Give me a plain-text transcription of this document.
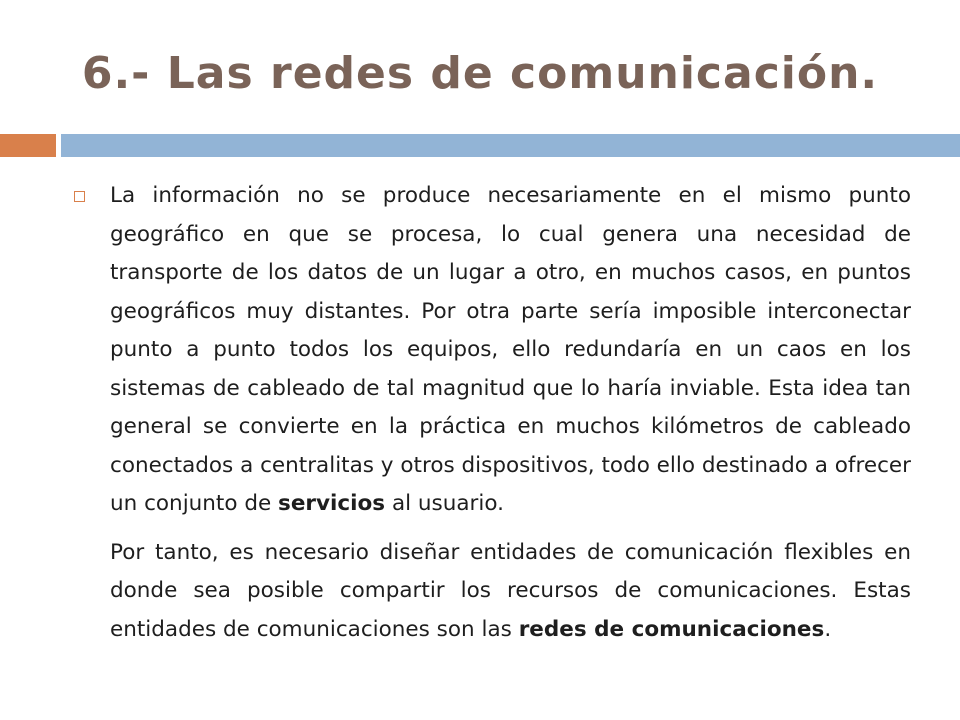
6.- Las redes de comunicación.

La información no se produce necesariamente en el mismo punto geográfico en que se procesa, lo cual genera una necesidad de transporte de los datos de un lugar a otro, en muchos casos, en puntos geográficos muy distantes. Por otra parte sería imposible interconectar punto a punto todos los equipos, ello redundaría en un caos en los sistemas de cableado de tal magnitud que lo haría inviable. Esta idea tan general se convierte en la práctica en muchos kilómetros de cableado conectados a centralitas y otros dispositivos, todo ello destinado a ofrecer un conjunto de servicios al usuario.

Por tanto, es necesario diseñar entidades de comunicación flexibles en donde sea posible compartir los recursos de comunicaciones. Estas entidades de comunicaciones son las redes de comunicaciones.
